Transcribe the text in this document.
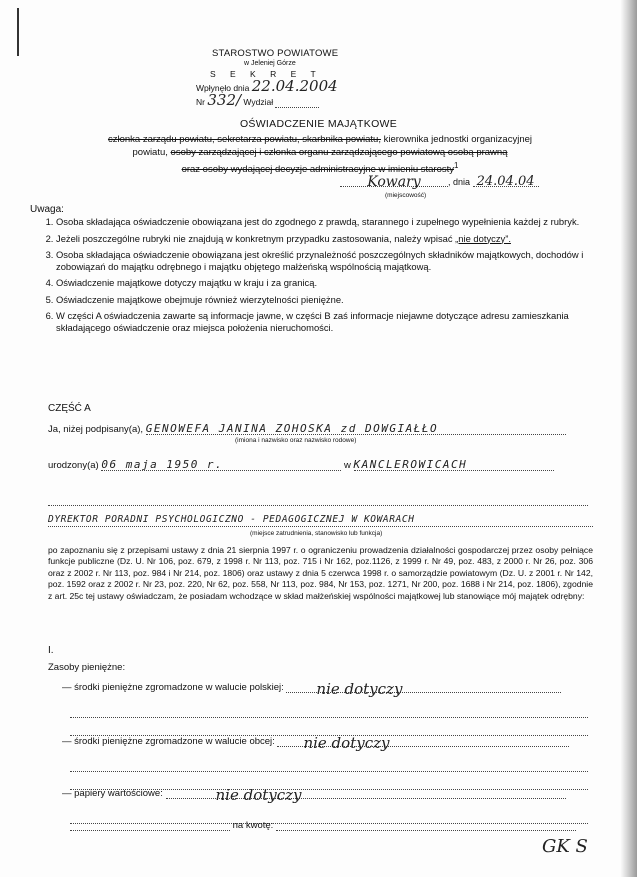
STAROSTWO POWIATOWE
w Jeleniej Górze
S E K R E T
Wpłynęło dnia 22.04.2004
Nr 332/ Wydział
OŚWIADCZENIE MAJĄTKOWE
członka zarządu powiatu, sekretarza powiatu, skarbnika powiatu, kierownika jednostki organizacyjnej
powiatu, osoby zarządzającej i członka organu zarządzającego powiatową osobą prawną
oraz osoby wydającej decyzje administracyjne w imieniu starosty$^1$
Kowary	, dnia 24.04.04
(miejscowość)
Uwaga:
1. Osoba składająca oświadczenie obowiązana jest do zgodnego z prawdą, starannego i zupełnego wypełnienia każdej z rubryk.
2. Jeżeli poszczególne rubryki nie znajdują w konkretnym przypadku zastosowania, należy wpisać „nie dotyczy”.
3. Osoba składająca oświadczenie obowiązana jest określić przynależność poszczególnych składników majątkowych, dochodów i zobowiązań do majątku odrębnego i majątku objętego małżeńską wspólnością majątkową.
4. Oświadczenie majątkowe dotyczy majątku w kraju i za granicą.
5. Oświadczenie majątkowe obejmuje również wierzytelności pieniężne.
6. W części A oświadczenia zawarte są informacje jawne, w części B zaś informacje niejawne dotyczące adresu zamieszkania składającego oświadczenie oraz miejsca położenia nieruchomości.
CZĘŚĆ A
Ja, niżej podpisany(a), GENOWEFA JANINA ZOHOSKA zd DOWGIAŁŁO
(imiona i nazwisko oraz nazwisko rodowe)
urodzony(a) 06 maja 1950 r.	w KANCLEROWICACH
DYREKTOR PORADNI PSYCHOLOGICZNO - PEDAGOGICZNEJ W KOWARACH
(miejsce zatrudnienia, stanowisko lub funkcja)
po zapoznaniu się z przepisami ustawy z dnia 21 sierpnia 1997 r. o ograniczeniu prowadzenia działalności gospodarczej przez osoby pełniące funkcje publiczne (Dz. U. Nr 106, poz. 679, z 1998 r. Nr 113, poz. 715 i Nr 162, poz.1126, z 1999 r. Nr 49, poz. 483, z 2000 r. Nr 26, poz. 306 oraz z 2002 r. Nr 113, poz. 984 i Nr 214, poz. 1806) oraz ustawy z dnia 5 czerwca 1998 r. o samorządzie powiatowym (Dz. U. z 2001 r. Nr 142, poz. 1592 oraz z 2002 r. Nr 23, poz. 220, Nr 62, poz. 558, Nr 113, poz. 984, Nr 153, poz. 1271, Nr 200, poz. 1688 i Nr 214, poz. 1806), zgodnie z art. 25c tej ustawy oświadczam, że posiadam wchodzące w skład małżeńskiej wspólności majątkowej lub stanowiące mój majątek odrębny:
I.
Zasoby pieniężne:
— środki pieniężne zgromadzone w walucie polskiej: nie dotyczy
— środki pieniężne zgromadzone w walucie obcej: nie dotyczy
— papiery wartościowe:	nie dotyczy
na kwotę:
GK S
